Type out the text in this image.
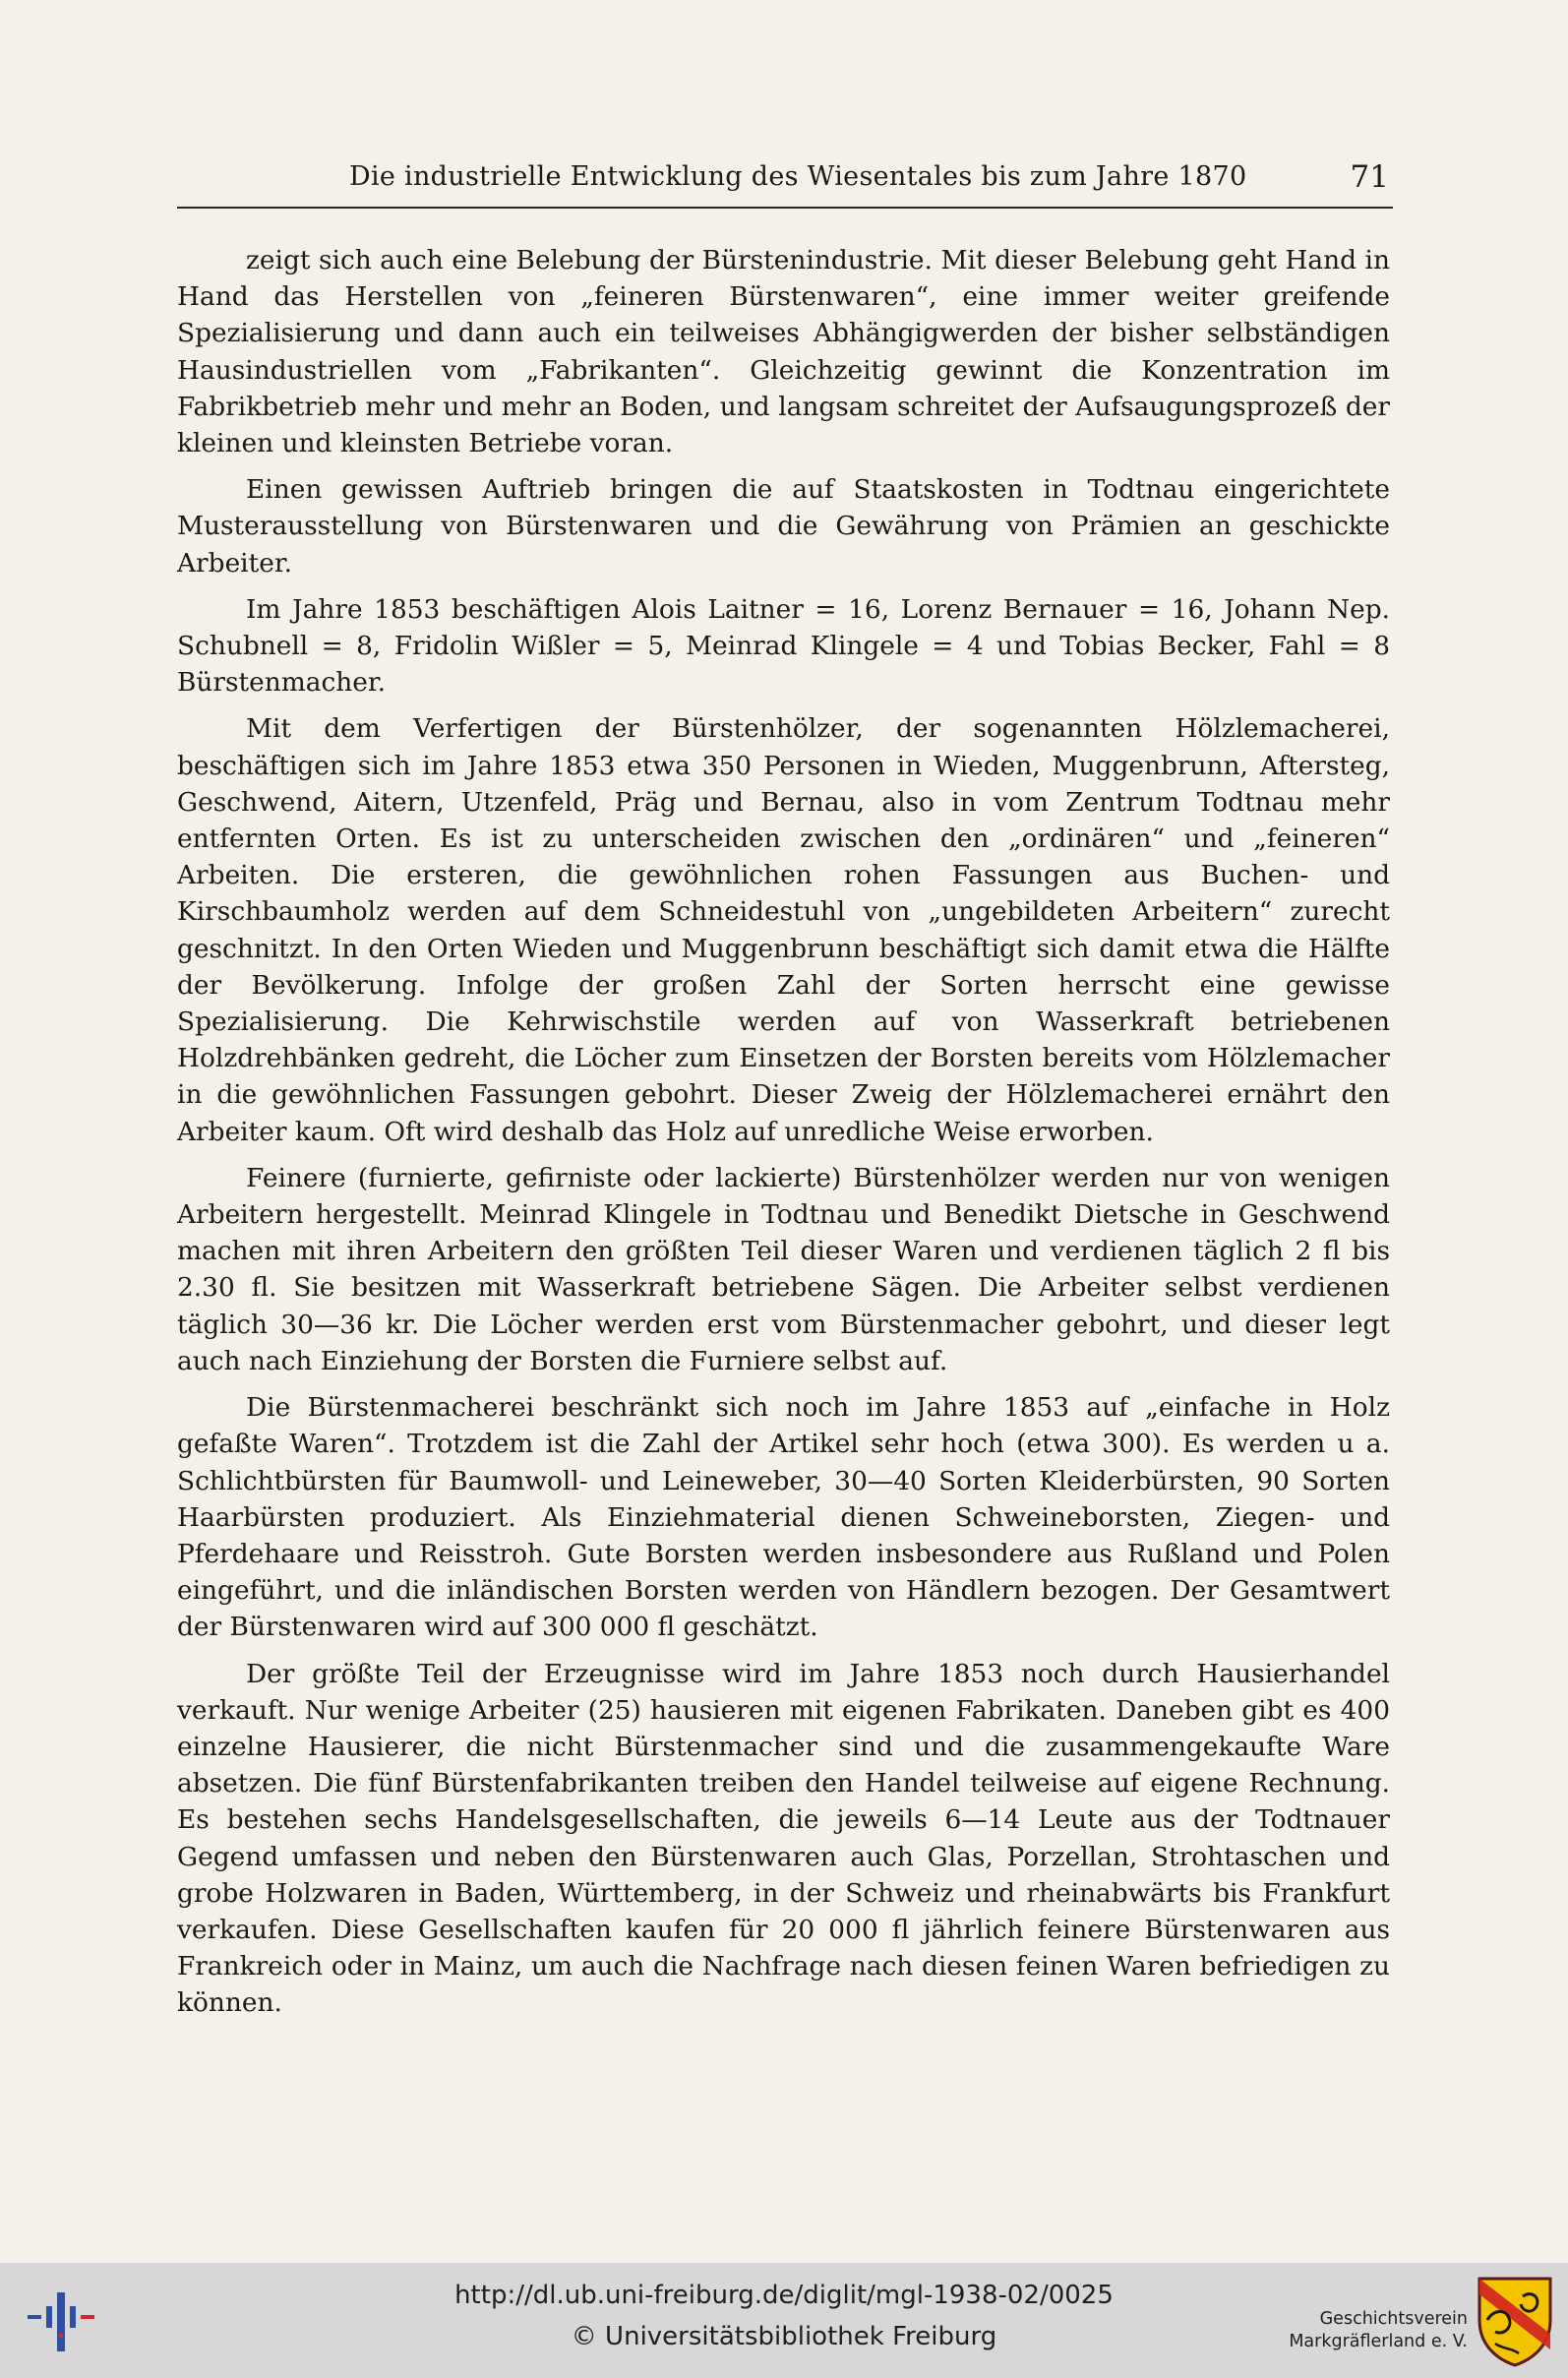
Die industrielle Entwicklung des Wiesentales bis zum Jahre 1870	71

zeigt sich auch eine Belebung der Bürstenindustrie. Mit dieser Belebung geht Hand in Hand das Herstellen von „feineren Bürstenwaren“, eine immer weiter greifende Spezialisierung und dann auch ein teilweises Abhängigwerden der bisher selbständigen Hausindustriellen vom „Fabrikanten“. Gleichzeitig gewinnt die Konzentration im Fabrikbetrieb mehr und mehr an Boden, und langsam schreitet der Aufsaugungsprozeß der kleinen und kleinsten Betriebe voran.

Einen gewissen Auftrieb bringen die auf Staatskosten in Todtnau eingerichtete Musterausstellung von Bürstenwaren und die Gewährung von Prämien an geschickte Arbeiter.

Im Jahre 1853 beschäftigen Alois Laitner = 16, Lorenz Bernauer = 16, Johann Nep. Schubnell = 8, Fridolin Wißler = 5, Meinrad Klingele = 4 und Tobias Becker, Fahl = 8 Bürstenmacher.

Mit dem Verfertigen der Bürstenhölzer, der sogenannten Hölzlemacherei, beschäftigen sich im Jahre 1853 etwa 350 Personen in Wieden, Muggenbrunn, Aftersteg, Geschwend, Aitern, Utzenfeld, Präg und Bernau, also in vom Zentrum Todtnau mehr entfernten Orten. Es ist zu unterscheiden zwischen den „ordinären“ und „feineren“ Arbeiten. Die ersteren, die gewöhnlichen rohen Fassungen aus Buchen- und Kirschbaumholz werden auf dem Schneidestuhl von „ungebildeten Arbeitern“ zurecht geschnitzt. In den Orten Wieden und Muggenbrunn beschäftigt sich damit etwa die Hälfte der Bevölkerung. Infolge der großen Zahl der Sorten herrscht eine gewisse Spezialisierung. Die Kehrwischstile werden auf von Wasserkraft betriebenen Holzdrehbänken gedreht, die Löcher zum Einsetzen der Borsten bereits vom Hölzlemacher in die gewöhnlichen Fassungen gebohrt. Dieser Zweig der Hölzlemacherei ernährt den Arbeiter kaum. Oft wird deshalb das Holz auf unredliche Weise erworben.

Feinere (furnierte, gefirniste oder lackierte) Bürstenhölzer werden nur von wenigen Arbeitern hergestellt. Meinrad Klingele in Todtnau und Benedikt Dietsche in Geschwend machen mit ihren Arbeitern den größten Teil dieser Waren und verdienen täglich 2 fl bis 2.30 fl. Sie besitzen mit Wasserkraft betriebene Sägen. Die Arbeiter selbst verdienen täglich 30—36 kr. Die Löcher werden erst vom Bürstenmacher gebohrt, und dieser legt auch nach Einziehung der Borsten die Furniere selbst auf.

Die Bürstenmacherei beschränkt sich noch im Jahre 1853 auf „einfache in Holz gefaßte Waren“. Trotzdem ist die Zahl der Artikel sehr hoch (etwa 300). Es werden u a. Schlichtbürsten für Baumwoll- und Leineweber, 30—40 Sorten Kleiderbürsten, 90 Sorten Haarbürsten produziert. Als Einziehmaterial dienen Schweineborsten, Ziegen- und Pferdehaare und Reisstroh. Gute Borsten werden insbesondere aus Rußland und Polen eingeführt, und die inländischen Borsten werden von Händlern bezogen. Der Gesamtwert der Bürstenwaren wird auf 300 000 fl geschätzt.

Der größte Teil der Erzeugnisse wird im Jahre 1853 noch durch Hausierhandel verkauft. Nur wenige Arbeiter (25) hausieren mit eigenen Fabrikaten. Daneben gibt es 400 einzelne Hausierer, die nicht Bürstenmacher sind und die zusammengekaufte Ware absetzen. Die fünf Bürstenfabrikanten treiben den Handel teilweise auf eigene Rechnung. Es bestehen sechs Handelsgesellschaften, die jeweils 6—14 Leute aus der Todtnauer Gegend umfassen und neben den Bürstenwaren auch Glas, Porzellan, Strohtaschen und grobe Holzwaren in Baden, Württemberg, in der Schweiz und rheinabwärts bis Frankfurt verkaufen. Diese Gesellschaften kaufen für 20 000 fl jährlich feinere Bürstenwaren aus Frankreich oder in Mainz, um auch die Nachfrage nach diesen feinen Waren befriedigen zu können.

http://dl.ub.uni-freiburg.de/diglit/mgl-1938-02/0025
© Universitätsbibliothek Freiburg
Geschichtsverein
Markgräflerland e. V.
